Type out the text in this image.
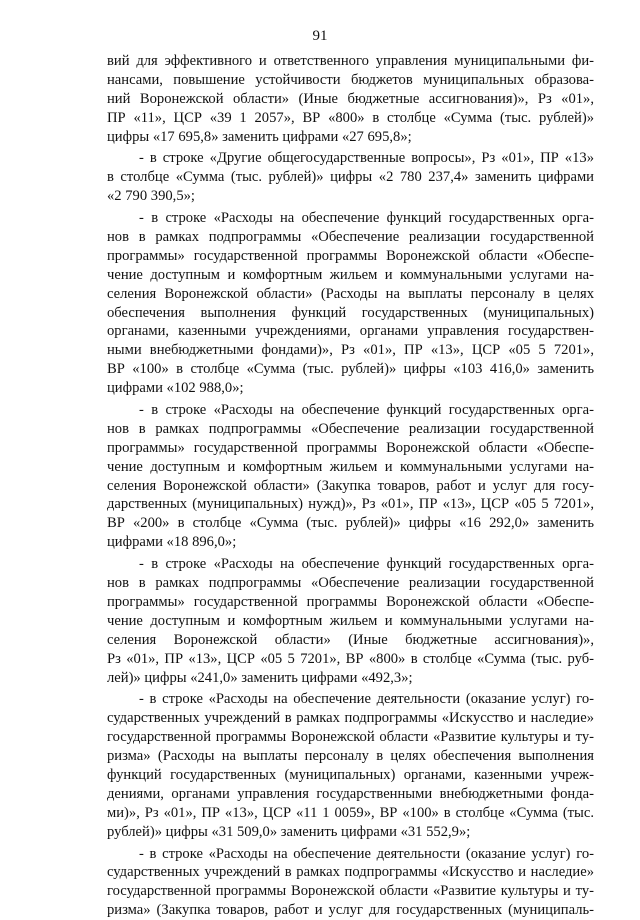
91
вий для эффективного и ответственного управления муниципальными фи-
нансами, повышение устойчивости бюджетов муниципальных образова-
ний Воронежской области» (Иные бюджетные ассигнования)», Рз «01»,
ПР «11», ЦСР «39 1 2057», ВР «800» в столбце «Сумма (тыс. рублей)»
цифры «17 695,8» заменить цифрами «27 695,8»;
- в строке «Другие общегосударственные вопросы», Рз «01», ПР «13»
в столбце «Сумма (тыс. рублей)» цифры «2 780 237,4» заменить цифрами
«2 790 390,5»;
- в строке «Расходы на обеспечение функций государственных орга-
нов в рамках подпрограммы «Обеспечение реализации государственной
программы» государственной программы Воронежской области «Обеспе-
чение доступным и комфортным жильем и коммунальными услугами на-
селения Воронежской области» (Расходы на выплаты персоналу в целях
обеспечения выполнения функций государственных (муниципальных)
органами, казенными учреждениями, органами управления государствен-
ными внебюджетными фондами)», Рз «01», ПР «13», ЦСР «05 5 7201»,
ВР «100» в столбце «Сумма (тыс. рублей)» цифры «103 416,0» заменить
цифрами «102 988,0»;
- в строке «Расходы на обеспечение функций государственных орга-
нов в рамках подпрограммы «Обеспечение реализации государственной
программы» государственной программы Воронежской области «Обеспе-
чение доступным и комфортным жильем и коммунальными услугами на-
селения Воронежской области» (Закупка товаров, работ и услуг для госу-
дарственных (муниципальных) нужд)», Рз «01», ПР «13», ЦСР «05 5 7201»,
ВР «200» в столбце «Сумма (тыс. рублей)» цифры «16 292,0» заменить
цифрами «18 896,0»;
- в строке «Расходы на обеспечение функций государственных орга-
нов в рамках подпрограммы «Обеспечение реализации государственной
программы» государственной программы Воронежской области «Обеспе-
чение доступным и комфортным жильем и коммунальными услугами на-
селения Воронежской области» (Иные бюджетные ассигнования)»,
Рз «01», ПР «13», ЦСР «05 5 7201», ВР «800» в столбце «Сумма (тыс. руб-
лей)» цифры «241,0» заменить цифрами «492,3»;
- в строке «Расходы на обеспечение деятельности (оказание услуг) го-
сударственных учреждений в рамках подпрограммы «Искусство и наследие»
государственной программы Воронежской области «Развитие культуры и ту-
ризма» (Расходы на выплаты персоналу в целях обеспечения выполнения
функций государственных (муниципальных) органами, казенными учреж-
дениями, органами управления государственными внебюджетными фонда-
ми)», Рз «01», ПР «13», ЦСР «11 1 0059», ВР «100» в столбце «Сумма (тыс.
рублей)» цифры «31 509,0» заменить цифрами «31 552,9»;
- в строке «Расходы на обеспечение деятельности (оказание услуг) го-
сударственных учреждений в рамках подпрограммы «Искусство и наследие»
государственной программы Воронежской области «Развитие культуры и ту-
ризма» (Закупка товаров, работ и услуг для государственных (муниципаль-
